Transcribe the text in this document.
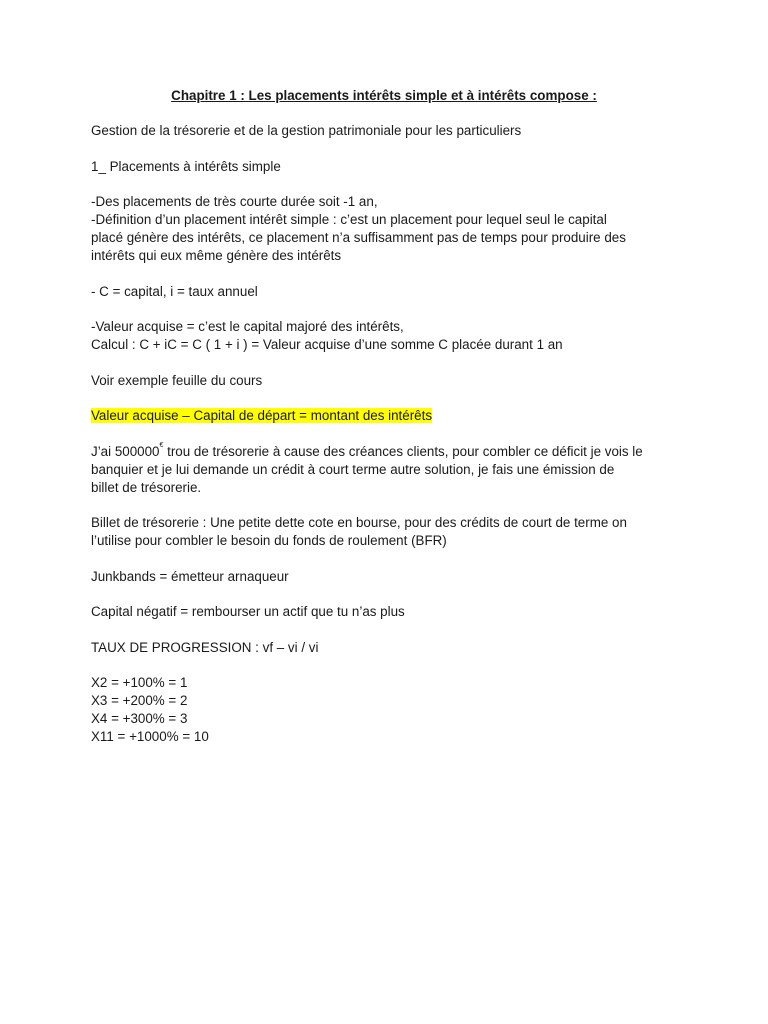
Chapitre 1 : Les placements intérêts simple et à intérêts compose :
Gestion de la trésorerie et de la gestion patrimoniale pour les particuliers
1_ Placements à intérêts simple
-Des placements de très courte durée soit -1 an,
-Définition d’un placement intérêt simple : c’est un placement pour lequel seul le capital
placé génère des intérêts, ce placement n’a suffisamment pas de temps pour produire des
intérêts qui eux même génère des intérêts
- C = capital, i = taux annuel
-Valeur acquise = c’est le capital majoré des intérêts,
Calcul : C + iC = C ( 1 + i ) = Valeur acquise d’une somme C placée durant 1 an
Voir exemple feuille du cours
Valeur acquise – Capital de départ = montant des intérêts
J’ai 500000€ trou de trésorerie à cause des créances clients, pour combler ce déficit je vois le
banquier et je lui demande un crédit à court terme autre solution, je fais une émission de
billet de trésorerie.
Billet de trésorerie : Une petite dette cote en bourse, pour des crédits de court de terme on
l’utilise pour combler le besoin du fonds de roulement (BFR)
Junkbands = émetteur arnaqueur
Capital négatif = rembourser un actif que tu n’as plus
TAUX DE PROGRESSION : vf – vi / vi
X2 = +100% = 1
X3 = +200% = 2
X4 = +300% = 3
X11 = +1000% = 10
